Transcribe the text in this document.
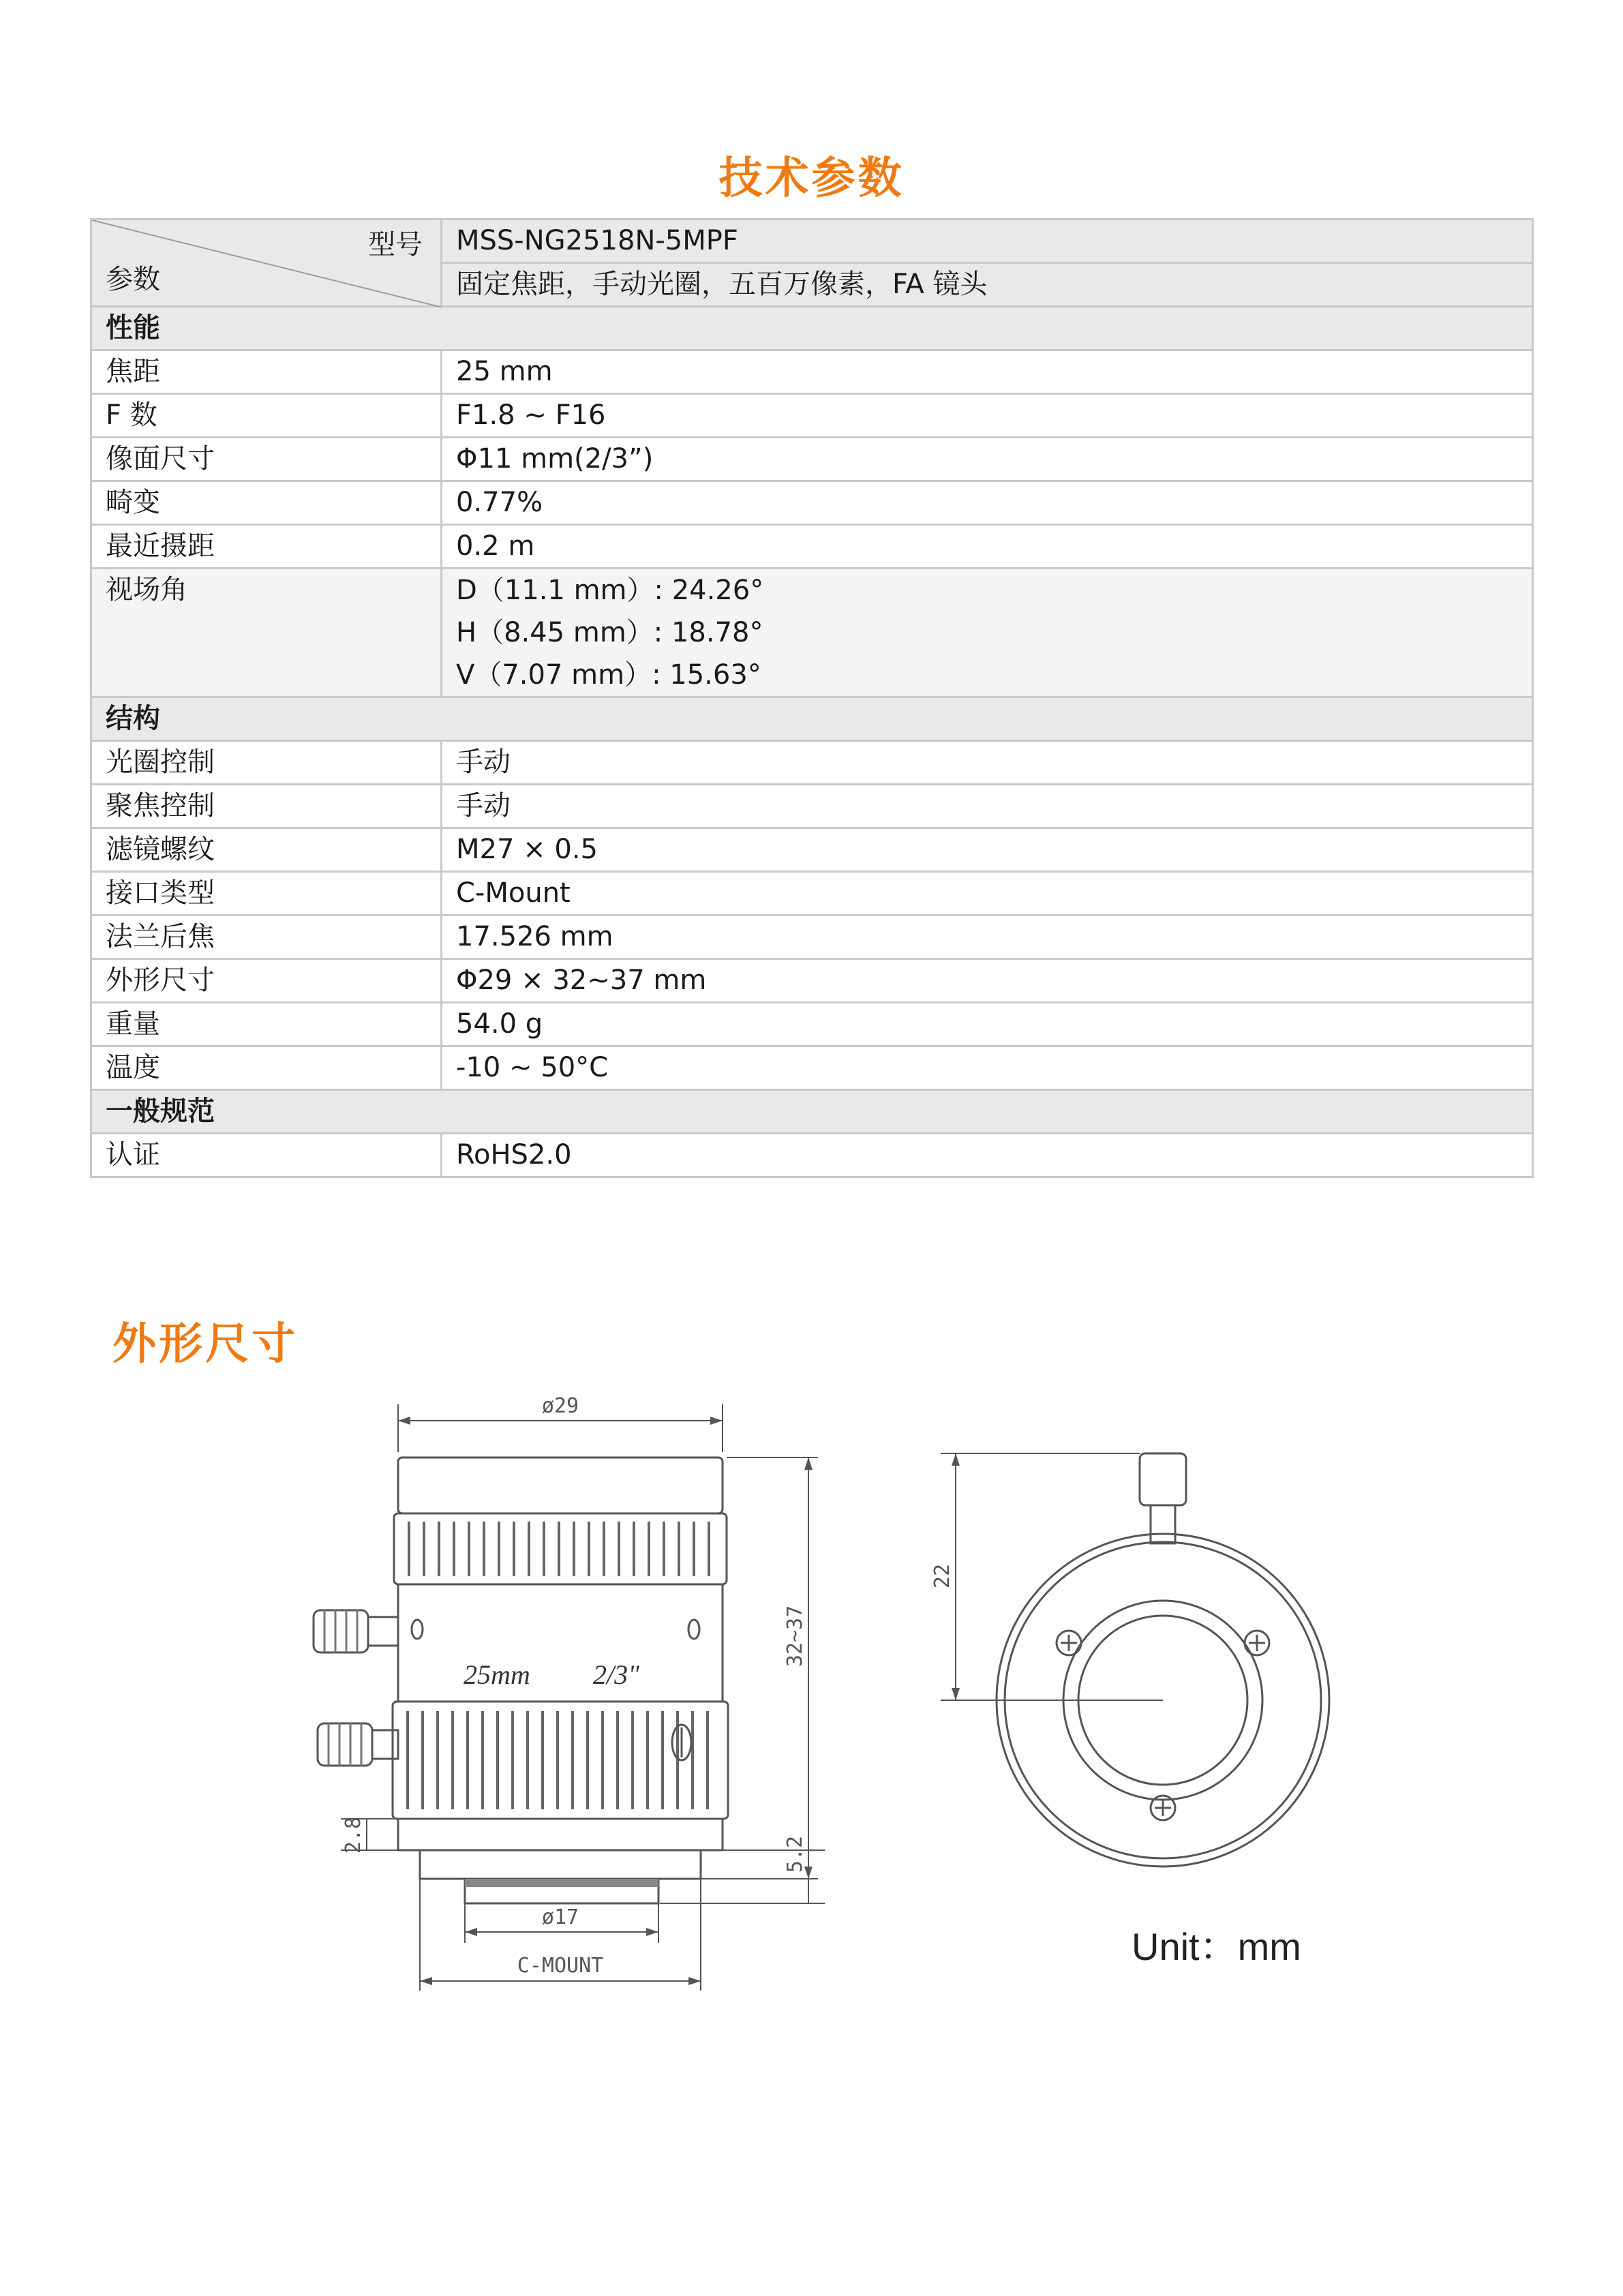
技术参数
型号
参数	MSS-NG2518N-5MPF
	固定焦距，手动光圈，五百万像素，FA 镜头
性能	
焦距	25 mm
F 数	F1.8 ~ F16
像面尺寸	Φ11 mm(2/3”)
畸变	0.77%
最近摄距	0.2 m
视场角	D（11.1 mm）: 24.26°
H（8.45 mm）: 18.78°
V（7.07 mm）: 15.63°

结构	
光圈控制	手动
聚焦控制	手动
滤镜螺纹	M27 × 0.5
接口类型	C-Mount
法兰后焦	17.526 mm
外形尺寸	Φ29 × 32~37 mm
重量	54.0 g
温度	-10 ~ 50°C
一般规范	
认证	RoHS2.0
外形尺寸
25mm 2/3"
ø29
32~37
5.2
2.8
ø17
C-MOUNT
22
Unit：mm
